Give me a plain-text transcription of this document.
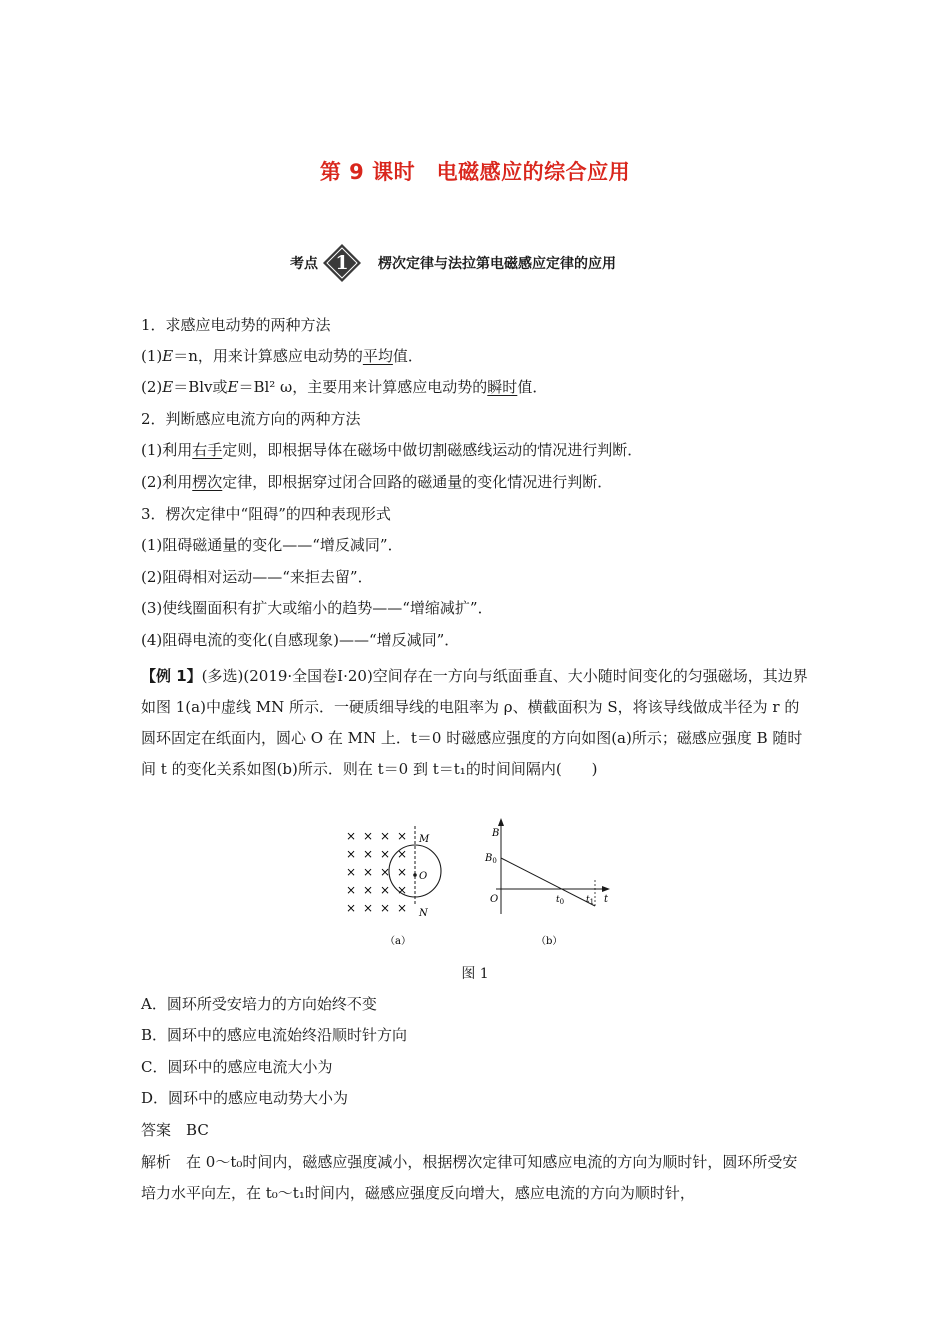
第 9 课时　电磁感应的综合应用
考点 1	楞次定律与法拉第电磁感应定律的应用
1．求感应电动势的两种方法
(1)E＝n，用来计算感应电动势的平均值．
(2)E＝Blv或E＝Bl² ω，主要用来计算感应电动势的瞬时值．
2．判断感应电流方向的两种方法
(1)利用右手定则，即根据导体在磁场中做切割磁感线运动的情况进行判断．
(2)利用楞次定律，即根据穿过闭合回路的磁通量的变化情况进行判断．
3．楞次定律中“阻碍”的四种表现形式
(1)阻碍磁通量的变化——“增反减同”．
(2)阻碍相对运动——“来拒去留”．
(3)使线圈面积有扩大或缩小的趋势——“增缩减扩”．
(4)阻碍电流的变化(自感现象)——“增反减同”．
【例 1】(多选)(2019·全国卷Ⅰ·20)空间存在一方向与纸面垂直、大小随时间变化的匀强磁场，其边界如图 1(a)中虚线 MN 所示．一硬质细导线的电阻率为 ρ、横截面积为 S，将该导线做成半径为 r 的圆环固定在纸面内，圆心 O 在 MN 上．t＝0 时磁感应强度的方向如图(a)所示；磁感应强度 B 随时间 t 的变化关系如图(b)所示．则在 t＝0 到 t＝t₁的时间间隔内(　　)
× × × ×
× × × ×
× × × ×
× × × ×
× × × ×
M
O
N
（a）
B
$B_0$
O	$t_0$ $t_1$ t
（b）
图 1
A．圆环所受安培力的方向始终不变
B．圆环中的感应电流始终沿顺时针方向
C．圆环中的感应电流大小为
D．圆环中的感应电动势大小为
答案　 BC
解析　 在 0～t₀时间内，磁感应强度减小，根据楞次定律可知感应电流的方向为顺时针，圆环所受安培力水平向左，在 t₀～t₁时间内，磁感应强度反向增大，感应电流的方向为顺时针，
